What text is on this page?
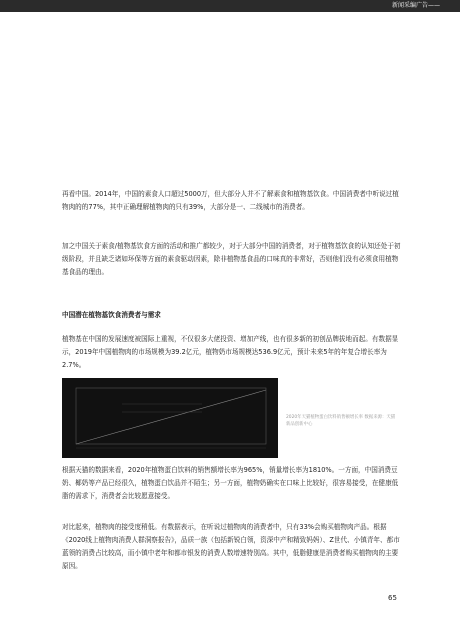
新闻采编广告——

再看中国。2014年，中国的素食人口超过5000万，但大部分人并不了解素食和植物基饮食。中国消费者中听说过植物肉的的77%，其中正确理解植物肉的只有39%，大部分是一、二线城市的消费者。

加之中国关于素食/植物基饮食方面的活动和推广都较少，对于大部分中国的消费者，对于植物基饮食的认知还处于初级阶段，并且缺乏诸如环保等方面的素食驱动因素，除非植物基食品的口味真的非常好，否则他们没有必须食用植物基食品的理由。

中国潜在植物基饮食消费者与需求

植物基在中国的发展速度被国际上重视，不仅很多大佬投资、增加产线，也有很多新的初创品牌拔地而起。有数据显示，2019年中国植物肉的市场规模为39.2亿元，植物奶市场规模达536.9亿元，预计未来5年的年复合增长率为2.7%。

2020年天猫植物蛋白饮料销售额增长率 数据来源：天猫新品创新中心

根据天猫的数据来看，2020年植物蛋白饮料的销售额增长率为965%，销量增长率为1810%。一方面，中国消费豆奶、椰奶等产品已经很久，植物蛋白饮品并不陌生；另一方面，植物奶确实在口味上比较好，很容易接受，在健康低脂的需求下，消费者会比较愿意接受。

对比起来，植物肉的接受度稍低。有数据表示，在听说过植物肉的消费者中，只有33%会购买植物肉产品。根据《2020线上植物肉消费人群洞察报告》，品质一族（包括新锐白领，资深中产和精致妈妈）、Z世代、小镇青年、都市蓝领的消费占比较高，而小镇中老年和都市银发的消费人数增速特别高。其中，低脂健康是消费者购买植物肉的主要原因。

65
